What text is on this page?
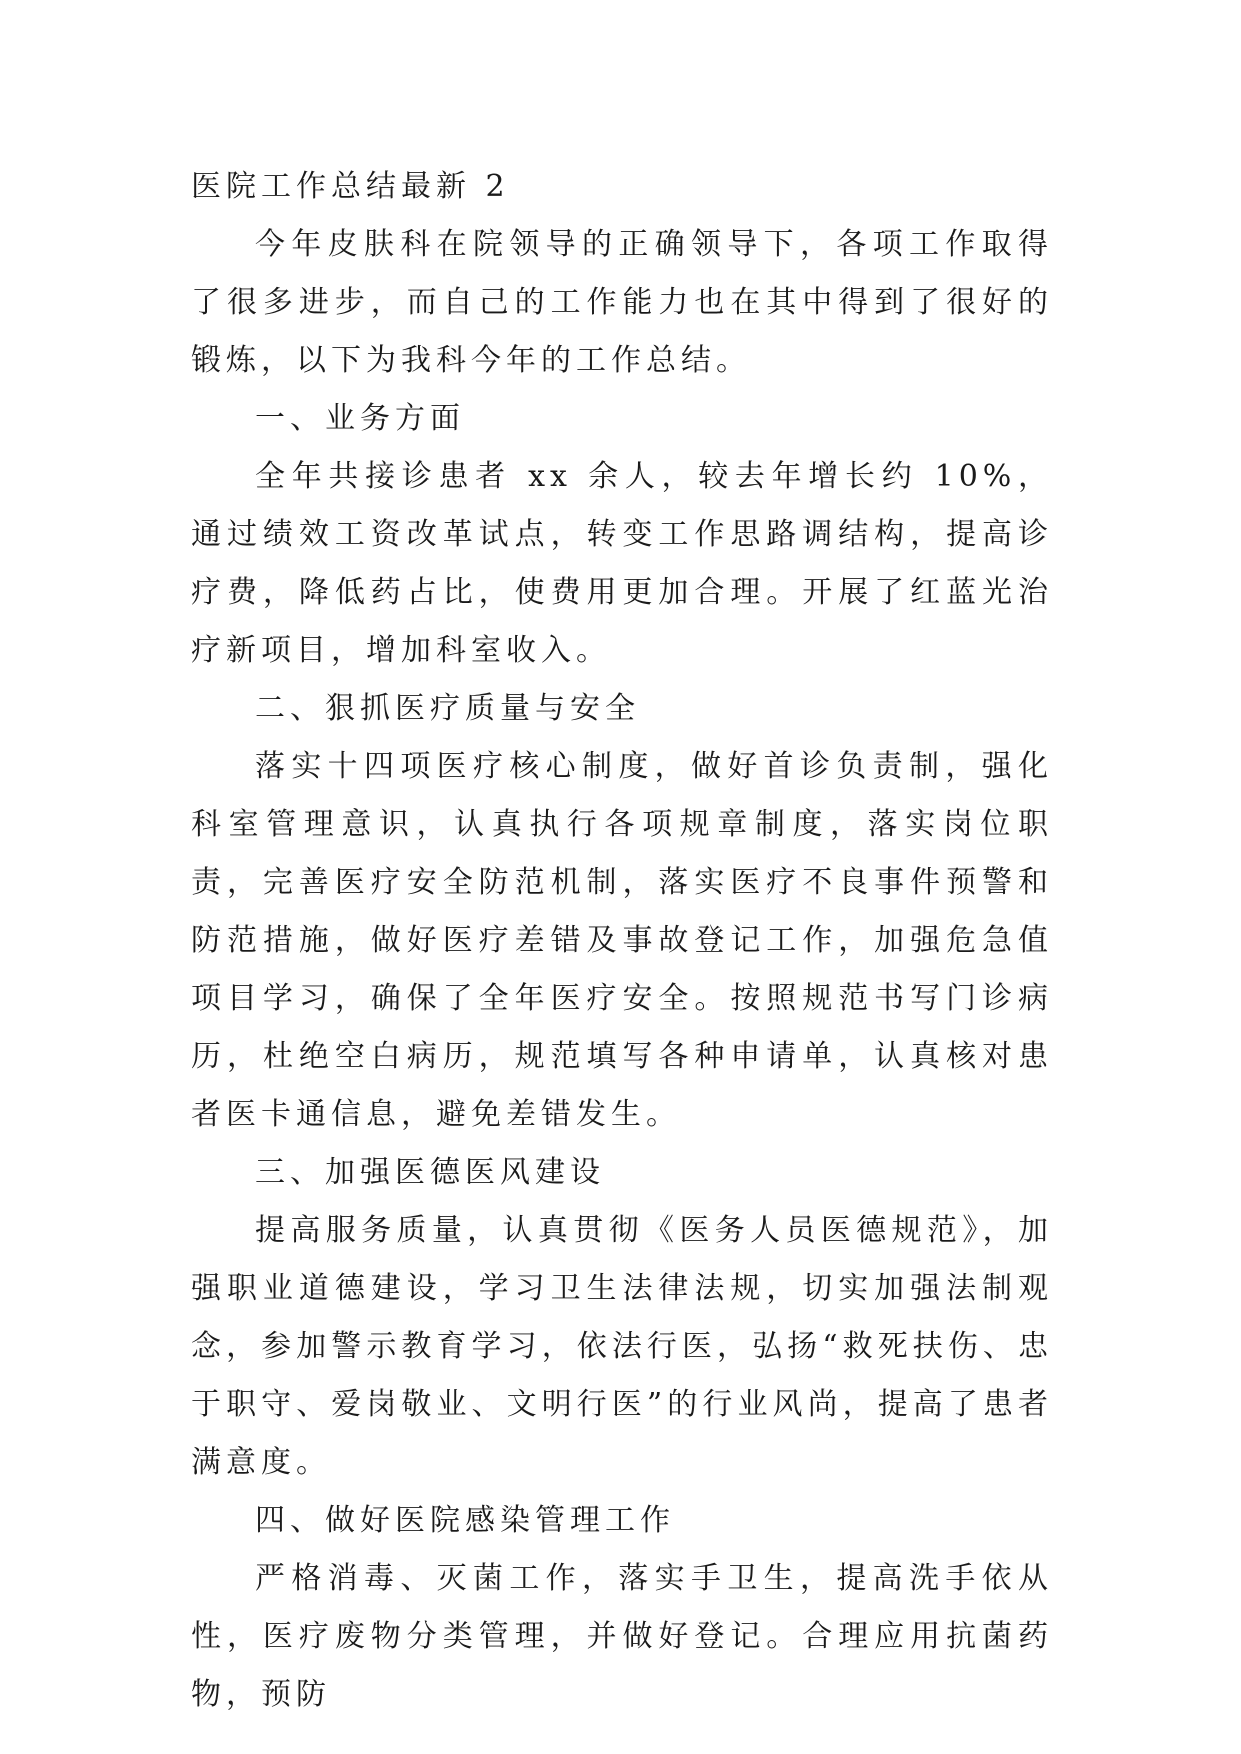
医院工作总结最新 2

今年皮肤科在院领导的正确领导下，各项工作取得了很多进步，而自己的工作能力也在其中得到了很好的锻炼，以下为我科今年的工作总结。

一、业务方面

全年共接诊患者 xx 余人，较去年增长约 10%，通过绩效工资改革试点，转变工作思路调结构，提高诊疗费，降低药占比，使费用更加合理。开展了红蓝光治疗新项目，增加科室收入。

二、狠抓医疗质量与安全

落实十四项医疗核心制度，做好首诊负责制，强化科室管理意识，认真执行各项规章制度，落实岗位职责，完善医疗安全防范机制，落实医疗不良事件预警和防范措施，做好医疗差错及事故登记工作，加强危急值项目学习，确保了全年医疗安全。按照规范书写门诊病历，杜绝空白病历，规范填写各种申请单，认真核对患者医卡通信息，避免差错发生。

三、加强医德医风建设

提高服务质量，认真贯彻《医务人员医德规范》，加强职业道德建设，学习卫生法律法规，切实加强法制观念，参加警示教育学习，依法行医，弘扬“救死扶伤、忠于职守、爱岗敬业、文明行医”的行业风尚，提高了患者满意度。

四、做好医院感染管理工作

严格消毒、灭菌工作，落实手卫生，提高洗手依从性，医疗废物分类管理，并做好登记。合理应用抗菌药物，预防
